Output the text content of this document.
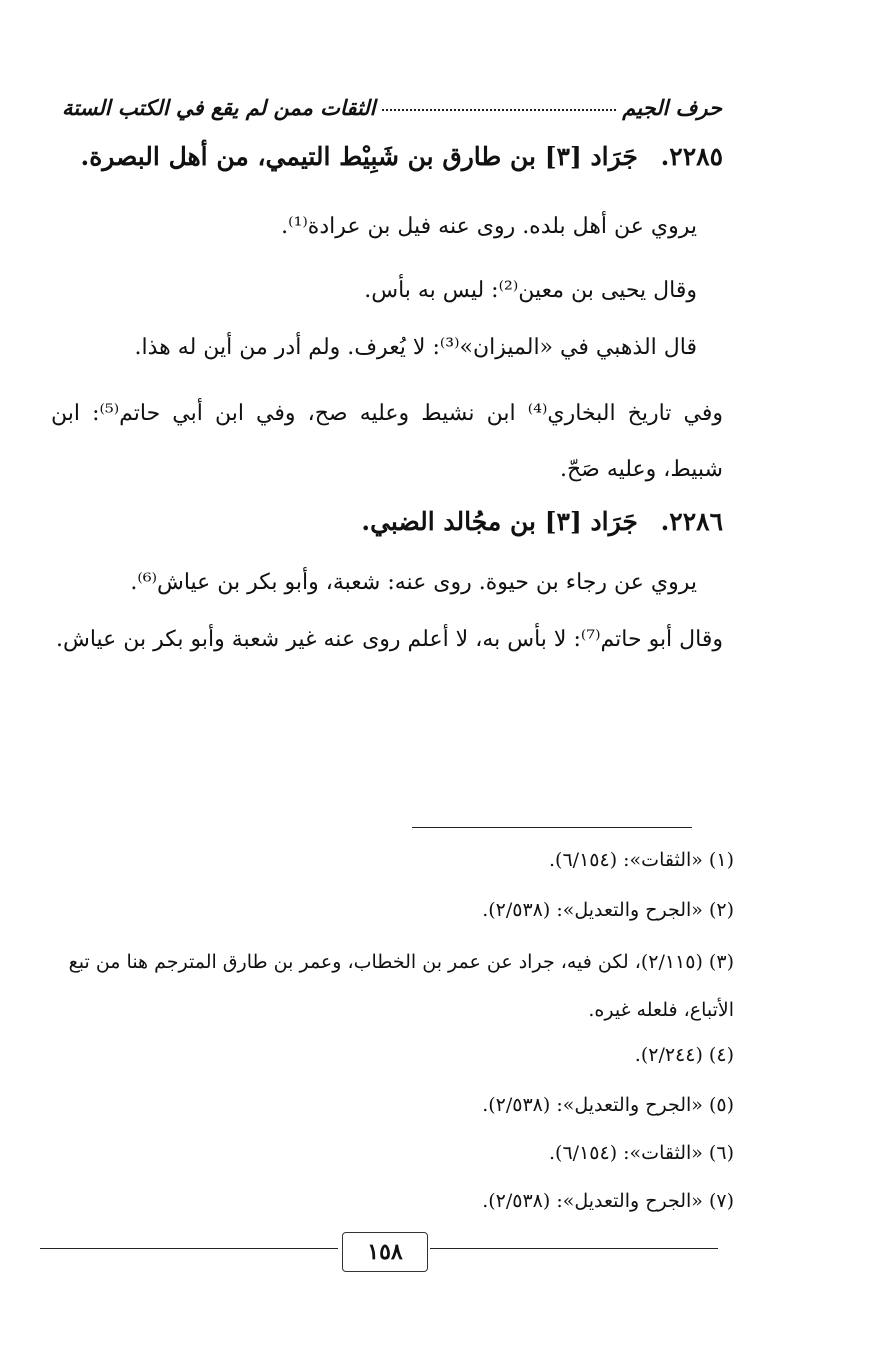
حرف الجيم
الثقات ممن لم يقع في الكتب الستة
٢٢٨٥. جَرَاد [٣] بن طارق بن شَبِيْط التيمي، من أهل البصرة.
يروي عن أهل بلده. روى عنه فيل بن عرادة⁽¹⁾.
وقال يحيى بن معين⁽²⁾: ليس به بأس.
قال الذهبي في «الميزان»⁽³⁾: لا يُعرف. ولم أدر من أين له هذا.
وفي تاريخ البخاري⁽⁴⁾ ابن نشيط وعليه صح، وفي ابن أبي حاتم⁽⁵⁾: ابن شبيط، وعليه صَحّ.
٢٢٨٦. جَرَاد [٣] بن مجُالد الضبي.
يروي عن رجاء بن حيوة. روى عنه: شعبة، وأبو بكر بن عياش⁽⁶⁾.
وقال أبو حاتم⁽⁷⁾: لا بأس به، لا أعلم روى عنه غير شعبة وأبو بكر بن عياش.
(١) «الثقات»: (٦/١٥٤).
(٢) «الجرح والتعديل»: (٢/٥٣٨).
(٣) (٢/١١٥)، لكن فيه، جراد عن عمر بن الخطاب، وعمر بن طارق المترجم هنا من تبع الأتباع، فلعله غيره.
(٤) (٢/٢٤٤).
(٥) «الجرح والتعديل»: (٢/٥٣٨).
(٦) «الثقات»: (٦/١٥٤).
(٧) «الجرح والتعديل»: (٢/٥٣٨).
١٥٨
